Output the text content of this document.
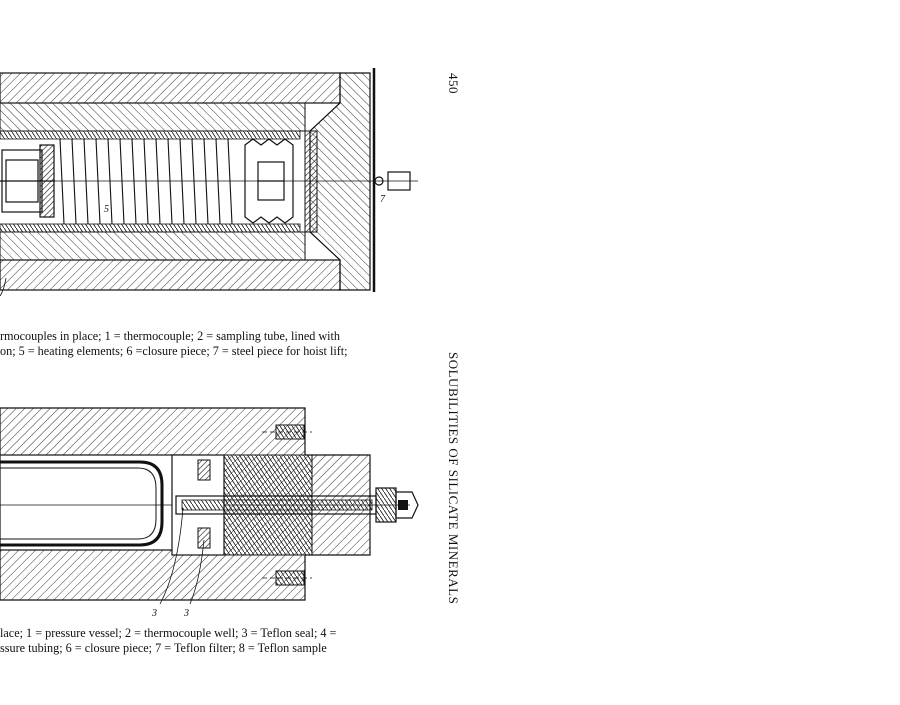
5
7
3	3
rmocouples in place; 1 = thermocouple; 2 = sampling tube, lined with
on; 5 = heating elements; 6 =closure piece; 7 = steel piece for hoist lift;
lace; 1 = pressure vessel; 2 = thermocouple well; 3 = Teflon seal; 4 =
ssure tubing; 6 = closure piece; 7 = Teflon filter; 8 = Teflon sample
450
SOLUBILITIES OF SILICATE MINERALS
